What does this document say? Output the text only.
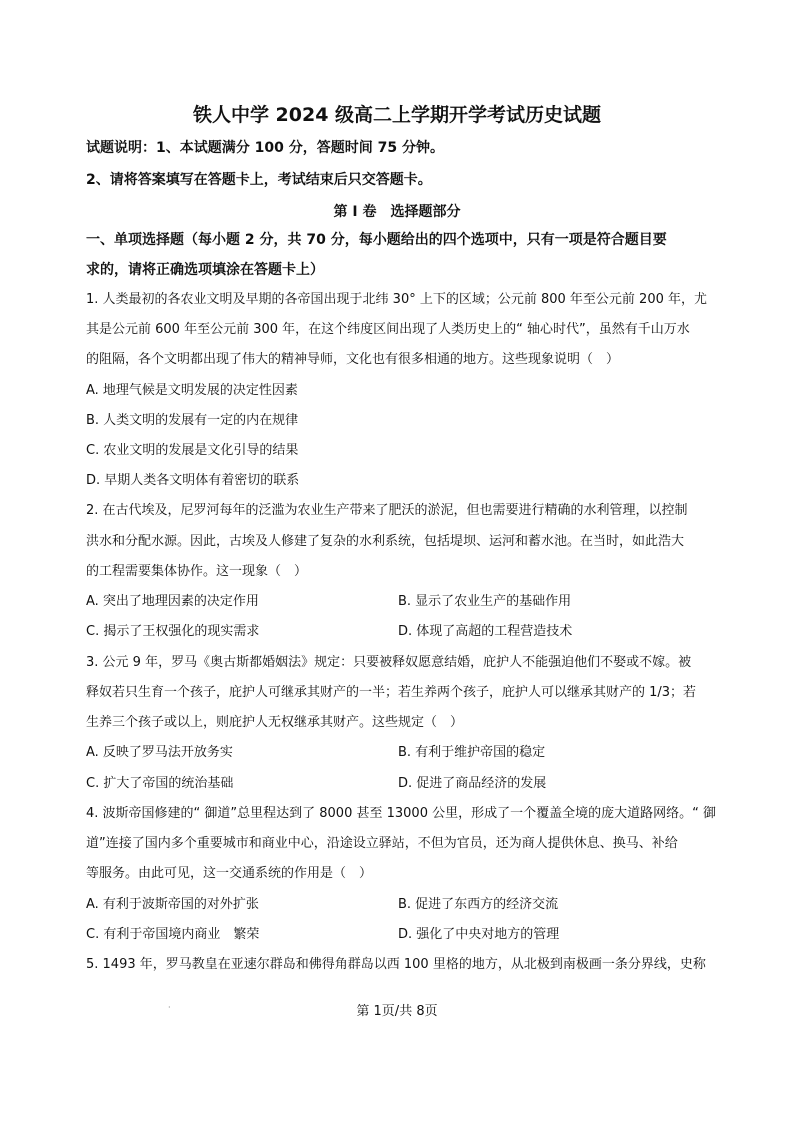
铁人中学 2024 级高二上学期开学考试历史试题
试题说明：1、本试题满分 100 分，答题时间 75 分钟。
2、请将答案填写在答题卡上，考试结束后只交答题卡。
第 Ⅰ 卷　选择题部分
一、单项选择题（每小题 2 分，共 70 分，每小题给出的四个选项中，只有一项是符合题目要
求的，请将正确选项填涂在答题卡上）
1. 人类最初的各农业文明及早期的各帝国出现于北纬 30° 上下的区域；公元前 800 年至公元前 200 年，尤
其是公元前 600 年至公元前 300 年，在这个纬度区间出现了人类历史上的“ 轴心时代”，虽然有千山万水
的阻隔，各个文明都出现了伟大的精神导师，文化也有很多相通的地方。这些现象说明（　）
A. 地理气候是文明发展的决定性因素
B. 人类文明的发展有一定的内在规律
C. 农业文明的发展是文化引导的结果
D. 早期人类各文明体有着密切的联系
2. 在古代埃及，尼罗河每年的泛滥为农业生产带来了肥沃的淤泥，但也需要进行精确的水利管理，以控制
洪水和分配水源。因此，古埃及人修建了复杂的水利系统，包括堤坝、运河和蓄水池。在当时，如此浩大
的工程需要集体协作。这一现象（　）
A. 突出了地理因素的决定作用	B. 显示了农业生产的基础作用
C. 揭示了王权强化的现实需求	D. 体现了高超的工程营造技术
3. 公元 9 年，罗马《奥古斯都婚姻法》规定：只要被释奴愿意结婚，庇护人不能强迫他们不娶或不嫁。被
释奴若只生育一个孩子，庇护人可继承其财产的一半；若生养两个孩子，庇护人可以继承其财产的 1/3；若
生养三个孩子或以上，则庇护人无权继承其财产。这些规定（　）
A. 反映了罗马法开放务实	B. 有利于维护帝国的稳定
C. 扩大了帝国的统治基础	D. 促进了商品经济的发展
4. 波斯帝国修建的“ 御道”总里程达到了 8000 甚至 13000 公里，形成了一个覆盖全境的庞大道路网络。“ 御
道”连接了国内多个重要城市和商业中心，沿途设立驿站，不但为官员，还为商人提供休息、换马、补给
等服务。由此可见，这一交通系统的作用是（　）
A. 有利于波斯帝国的对外扩张	B. 促进了东西方的经济交流
C. 有利于帝国境内商业　繁荣	D. 强化了中央对地方的管理
5. 1493 年，罗马教皇在亚速尔群岛和佛得角群岛以西 100 里格的地方，从北极到南极画一条分界线，史称
·	第 1页/共 8页
